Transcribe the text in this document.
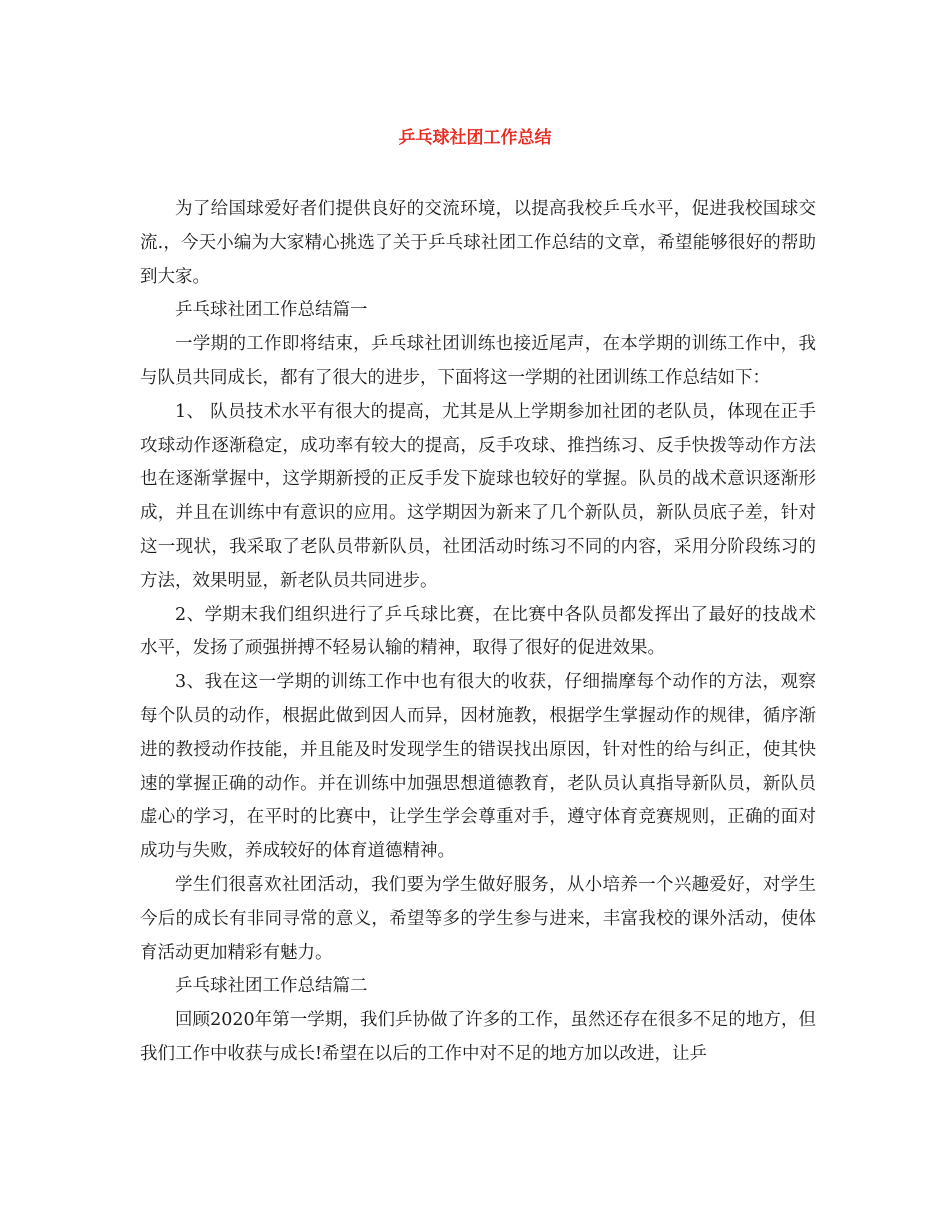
乒乓球社团工作总结

为了给国球爱好者们提供良好的交流环境，以提高我校乒乓水平，促进我校国球交流.，今天小编为大家精心挑选了关于乒乓球社团工作总结的文章，希望能够很好的帮助到大家。

乒乓球社团工作总结篇一

一学期的工作即将结束，乒乓球社团训练也接近尾声，在本学期的训练工作中，我与队员共同成长，都有了很大的进步，下面将这一学期的社团训练工作总结如下：

1、 队员技术水平有很大的提高，尤其是从上学期参加社团的老队员，体现在正手攻球动作逐渐稳定，成功率有较大的提高，反手攻球、推挡练习、反手快拨等动作方法也在逐渐掌握中，这学期新授的正反手发下旋球也较好的掌握。队员的战术意识逐渐形成，并且在训练中有意识的应用。这学期因为新来了几个新队员，新队员底子差，针对这一现状，我采取了老队员带新队员，社团活动时练习不同的内容，采用分阶段练习的方法，效果明显，新老队员共同进步。

2、学期末我们组织进行了乒乓球比赛，在比赛中各队员都发挥出了最好的技战术水平，发扬了顽强拼搏不轻易认输的精神，取得了很好的促进效果。

3、我在这一学期的训练工作中也有很大的收获，仔细揣摩每个动作的方法，观察每个队员的动作，根据此做到因人而异，因材施教，根据学生掌握动作的规律，循序渐进的教授动作技能，并且能及时发现学生的错误找出原因，针对性的给与纠正，使其快速的掌握正确的动作。并在训练中加强思想道德教育，老队员认真指导新队员，新队员虚心的学习，在平时的比赛中，让学生学会尊重对手，遵守体育竞赛规则，正确的面对成功与失败，养成较好的体育道德精神。

学生们很喜欢社团活动，我们要为学生做好服务，从小培养一个兴趣爱好，对学生今后的成长有非同寻常的意义，希望等多的学生参与进来，丰富我校的课外活动，使体育活动更加精彩有魅力。

乒乓球社团工作总结篇二

回顾2020年第一学期，我们乒协做了许多的工作，虽然还存在很多不足的地方，但我们工作中收获与成长!希望在以后的工作中对不足的地方加以改进，让乒
